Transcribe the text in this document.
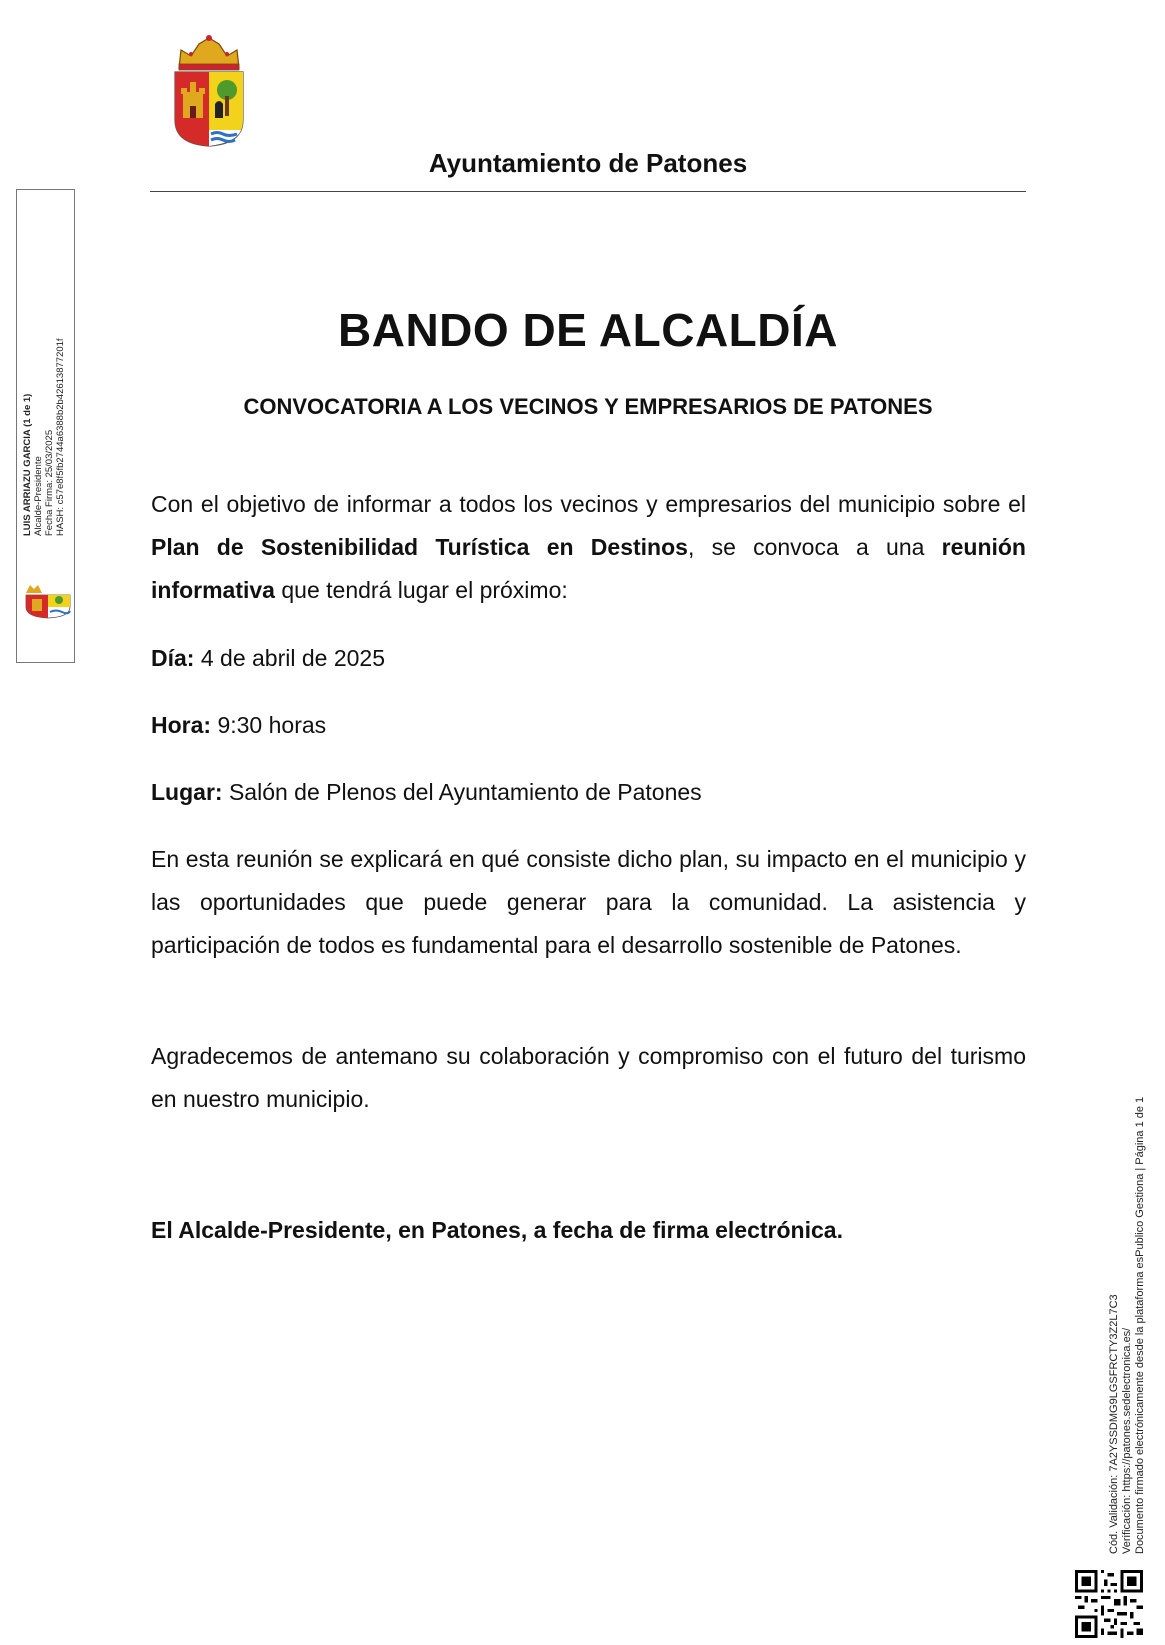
Ayuntamiento de Patones
BANDO DE ALCALDÍA
CONVOCATORIA A LOS VECINOS Y EMPRESARIOS DE PATONES

Con el objetivo de informar a todos los vecinos y empresarios del municipio sobre el Plan de Sostenibilidad Turística en Destinos, se convoca a una reunión informativa que tendrá lugar el próximo:

Día: 4 de abril de 2025

Hora: 9:30 horas

Lugar: Salón de Plenos del Ayuntamiento de Patones

En esta reunión se explicará en qué consiste dicho plan, su impacto en el municipio y las oportunidades que puede generar para la comunidad. La asistencia y participación de todos es fundamental para el desarrollo sostenible de Patones.

Agradecemos de antemano su colaboración y compromiso con el futuro del turismo en nuestro municipio.

El Alcalde-Presidente, en Patones, a fecha de firma electrónica.

LUIS ARRIAZU GARCIA (1 de 1) Alcalde-Presidente Fecha Firma: 25/03/2025 HASH: c57e8f5fb2744a6388b2b42613877201f
Cód. Validación: 7A2YSSDMG9LGSFRCTY3Z2L7C3 Verificación: https://patones.sedelectronica.es/ Documento firmado electrónicamente desde la plataforma esPublico Gestiona | Página 1 de 1
